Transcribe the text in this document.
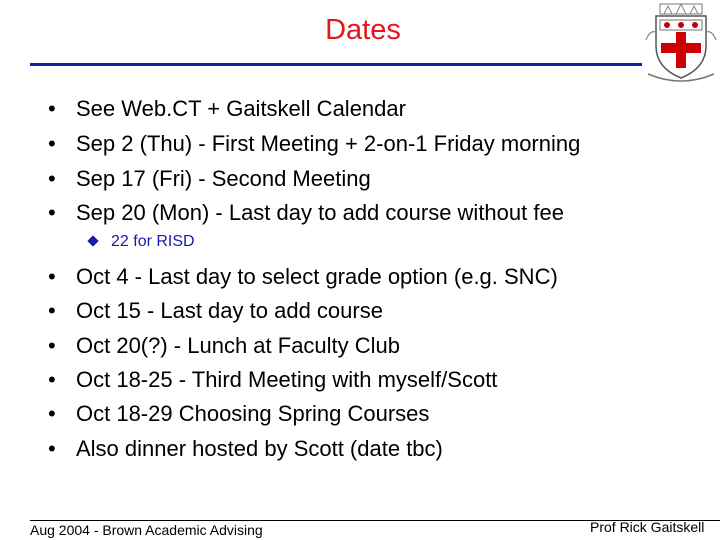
Dates
• See Web.CT + Gaitskell Calendar
• Sep 2 (Thu) - First Meeting + 2-on-1 Friday morning
• Sep 17 (Fri) - Second Meeting
• Sep 20 (Mon) - Last day to add course without fee
22 for RISD
• Oct 4 - Last day to select grade option (e.g. SNC)
• Oct 15 - Last day to add course
• Oct 20(?) - Lunch at Faculty Club
• Oct 18-25 - Third Meeting with myself/Scott
• Oct 18-29 Choosing Spring Courses
• Also dinner hosted by Scott (date tbc)
Aug 2004 - Brown Academic Advising	Prof Rick Gaitskell
